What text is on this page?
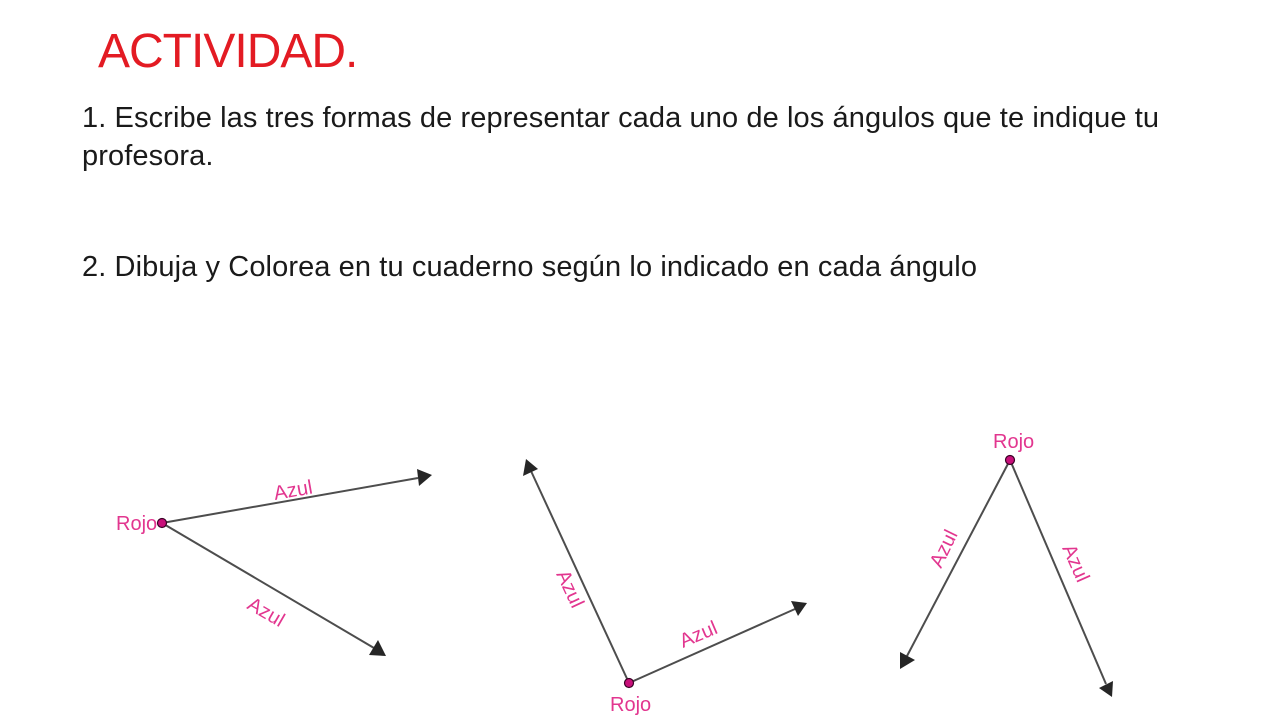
ACTIVIDAD.

1. Escribe las tres formas de representar cada uno de los ángulos que te indique tu profesora.

2. Dibuja y Colorea en tu cuaderno según lo indicado en cada ángulo

Rojo
Azul
Azul
Rojo
Azul
Azul
Rojo
Azul	Azul
